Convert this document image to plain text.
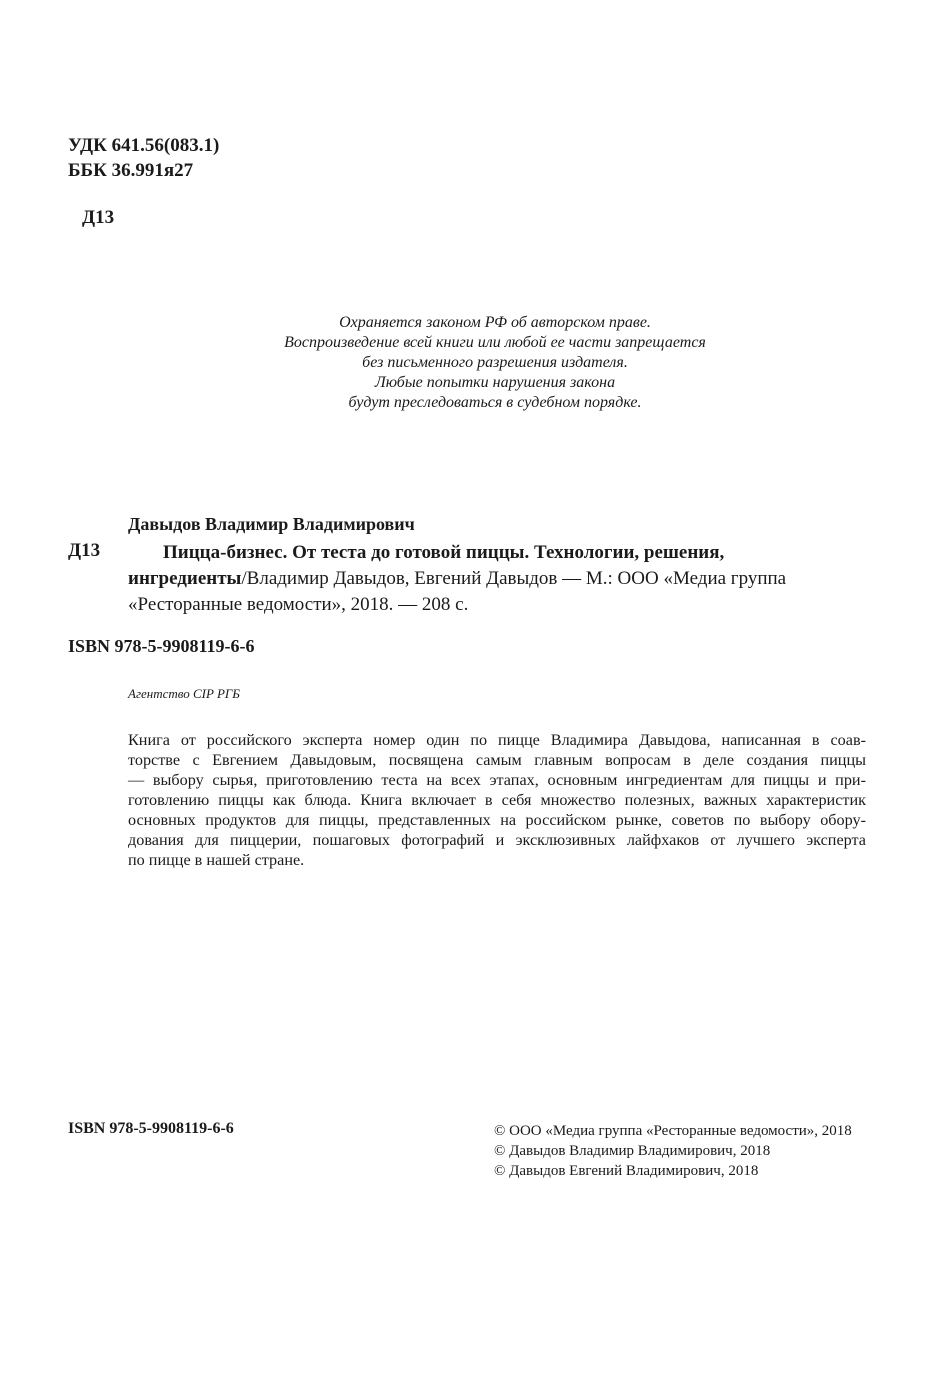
УДК 641.56(083.1)
ББК 36.991я27
Д13
Охраняется законом РФ об авторском праве.
Воспроизведение всей книги или любой ее части запрещается
без письменного разрешения издателя.
Любые попытки нарушения закона
будут преследоваться в судебном порядке.
Давыдов Владимир Владимирович
Д13	Пицца-бизнес. От теста до готовой пиццы. Технологии, решения,
ингредиенты/Владимир Давыдов, Евгений Давыдов — М.: ООО «Медиа группа
«Ресторанные ведомости», 2018. — 208 с.
ISBN 978-5-9908119-6-6
Агентство CIP РГБ
Книга от российского эксперта номер один по пицце Владимира Давыдова, написанная в соав-
торстве с Евгением Давыдовым, посвящена самым главным вопросам в деле создания пиццы
— выбору сырья, приготовлению теста на всех этапах, основным ингредиентам для пиццы и при-
готовлению пиццы как блюда. Книга включает в себя множество полезных, важных характеристик
основных продуктов для пиццы, представленных на российском рынке, советов по выбору обору-
дования для пиццерии, пошаговых фотографий и эксклюзивных лайфхаков от лучшего эксперта
по пицце в нашей стране.
ISBN 978-5-9908119-6-6	© ООО «Медиа группа «Ресторанные ведомости», 2018
© Давыдов Владимир Владимирович, 2018
© Давыдов Евгений Владимирович, 2018
